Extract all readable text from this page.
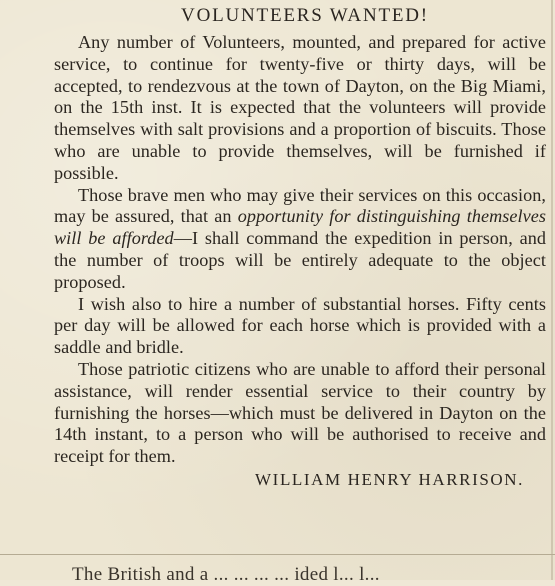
VOLUNTEERS WANTED!

Any number of Volunteers, mounted, and prepared for active service, to continue for twenty-five or thirty days, will be accepted, to rendezvous at the town of Dayton, on the Big Miami, on the 15th inst. It is expected that the volunteers will provide themselves with salt provisions and a proportion of biscuits. Those who are unable to provide themselves, will be furnished if possible.

Those brave men who may give their services on this occasion, may be assured, that an opportunity for distinguishing themselves will be afforded—I shall command the expedition in person, and the number of troops will be entirely adequate to the object proposed.

I wish also to hire a number of substantial horses. Fifty cents per day will be allowed for each horse which is provided with a saddle and bridle.

Those patriotic citizens who are unable to afford their personal assistance, will render essential service to their country by furnishing the horses—which must be delivered in Dayton on the 14th instant, to a person who will be authorised to receive and receipt for them.

WILLIAM HENRY HARRISON.
The British and a ... ... ... ... ided l... l...
